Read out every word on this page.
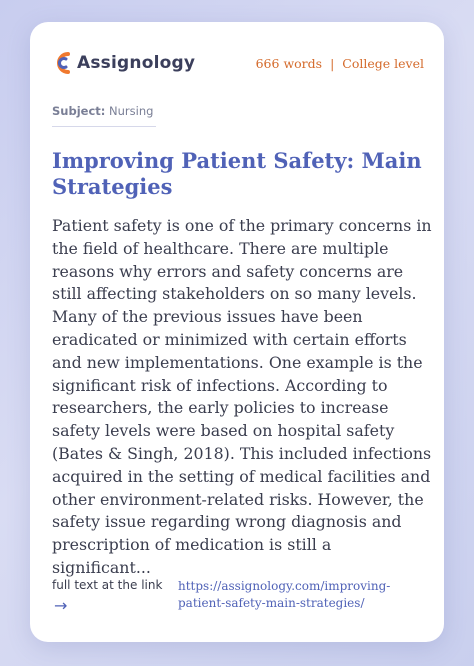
Assignology	666 words | College level
Subject: Nursing
Improving Patient Safety: Main Strategies

Patient safety is one of the primary concerns in the field of healthcare. There are multiple reasons why errors and safety concerns are still affecting stakeholders on so many levels. Many of the previous issues have been eradicated or minimized with certain efforts and new implementations. One example is the significant risk of infections. According to researchers, the early policies to increase safety levels were based on hospital safety (Bates & Singh, 2018). This included infections acquired in the setting of medical facilities and other environment-related risks. However, the safety issue regarding wrong diagnosis and prescription of medication is still a significant...

full text at the link
→
https://assignology.com/improving-patient-safety-main-strategies/
